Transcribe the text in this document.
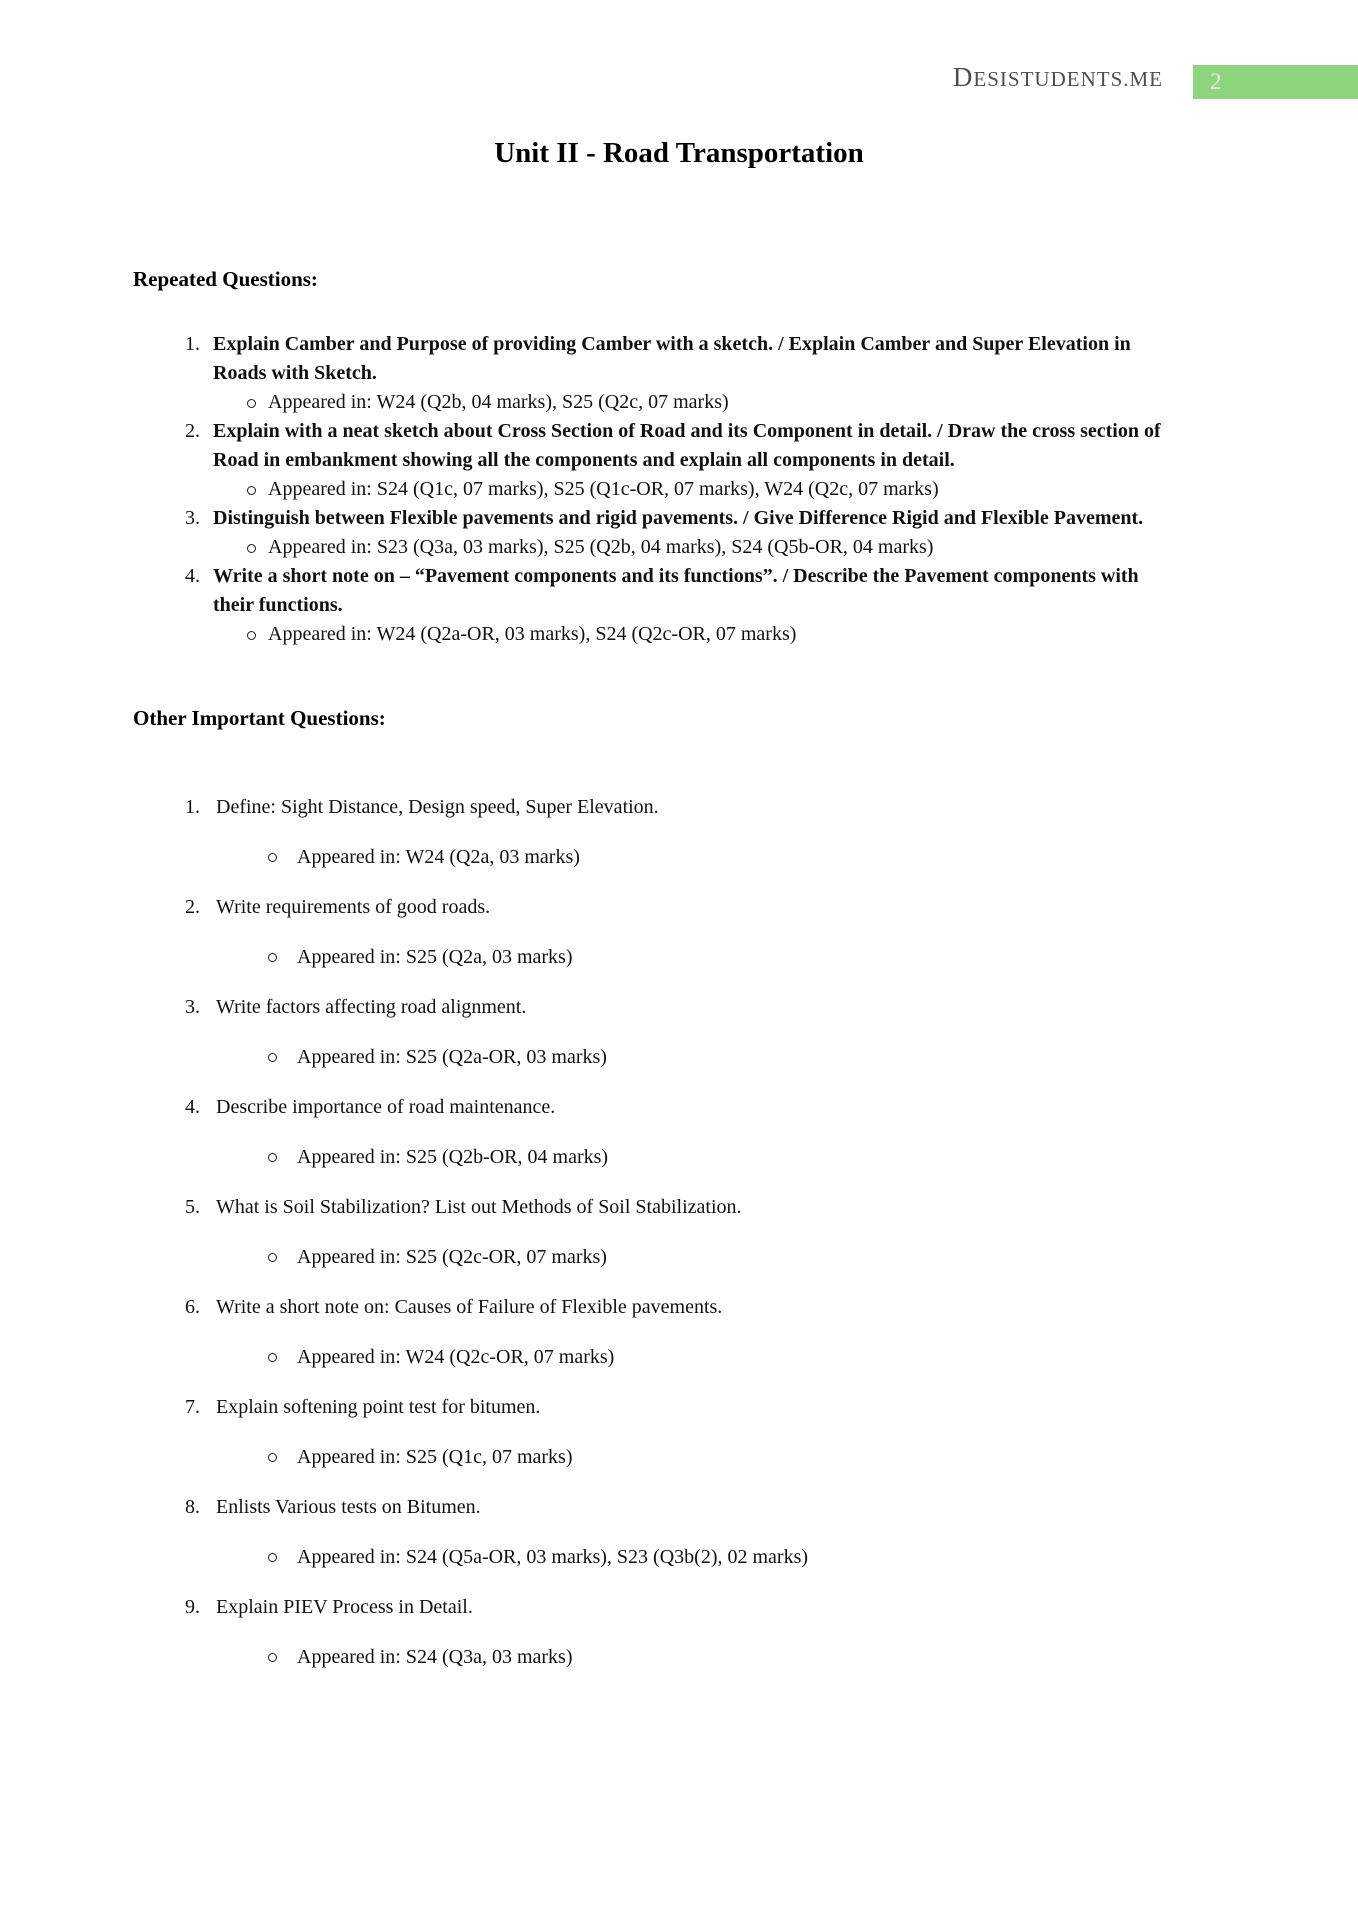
DESISTUDENTS.ME	2
Unit II - Road Transportation
Repeated Questions:
Explain Camber and Purpose of providing Camber with a sketch. / Explain Camber and Super Elevation in Roads with Sketch.
Appeared in: W24 (Q2b, 04 marks), S25 (Q2c, 07 marks)
Explain with a neat sketch about Cross Section of Road and its Component in detail. / Draw the cross section of Road in embankment showing all the components and explain all components in detail.
Appeared in: S24 (Q1c, 07 marks), S25 (Q1c-OR, 07 marks), W24 (Q2c, 07 marks)
Distinguish between Flexible pavements and rigid pavements. / Give Difference Rigid and Flexible Pavement.
Appeared in: S23 (Q3a, 03 marks), S25 (Q2b, 04 marks), S24 (Q5b-OR, 04 marks)
Write a short note on – “Pavement components and its functions”. / Describe the Pavement components with their functions.
Appeared in: W24 (Q2a-OR, 03 marks), S24 (Q2c-OR, 07 marks)
Other Important Questions:
Define: Sight Distance, Design speed, Super Elevation.
Appeared in: W24 (Q2a, 03 marks)
Write requirements of good roads.
Appeared in: S25 (Q2a, 03 marks)
Write factors affecting road alignment.
Appeared in: S25 (Q2a-OR, 03 marks)
Describe importance of road maintenance.
Appeared in: S25 (Q2b-OR, 04 marks)
What is Soil Stabilization? List out Methods of Soil Stabilization.
Appeared in: S25 (Q2c-OR, 07 marks)
Write a short note on: Causes of Failure of Flexible pavements.
Appeared in: W24 (Q2c-OR, 07 marks)
Explain softening point test for bitumen.
Appeared in: S25 (Q1c, 07 marks)
Enlists Various tests on Bitumen.
Appeared in: S24 (Q5a-OR, 03 marks), S23 (Q3b(2), 02 marks)
Explain PIEV Process in Detail.
Appeared in: S24 (Q3a, 03 marks)
